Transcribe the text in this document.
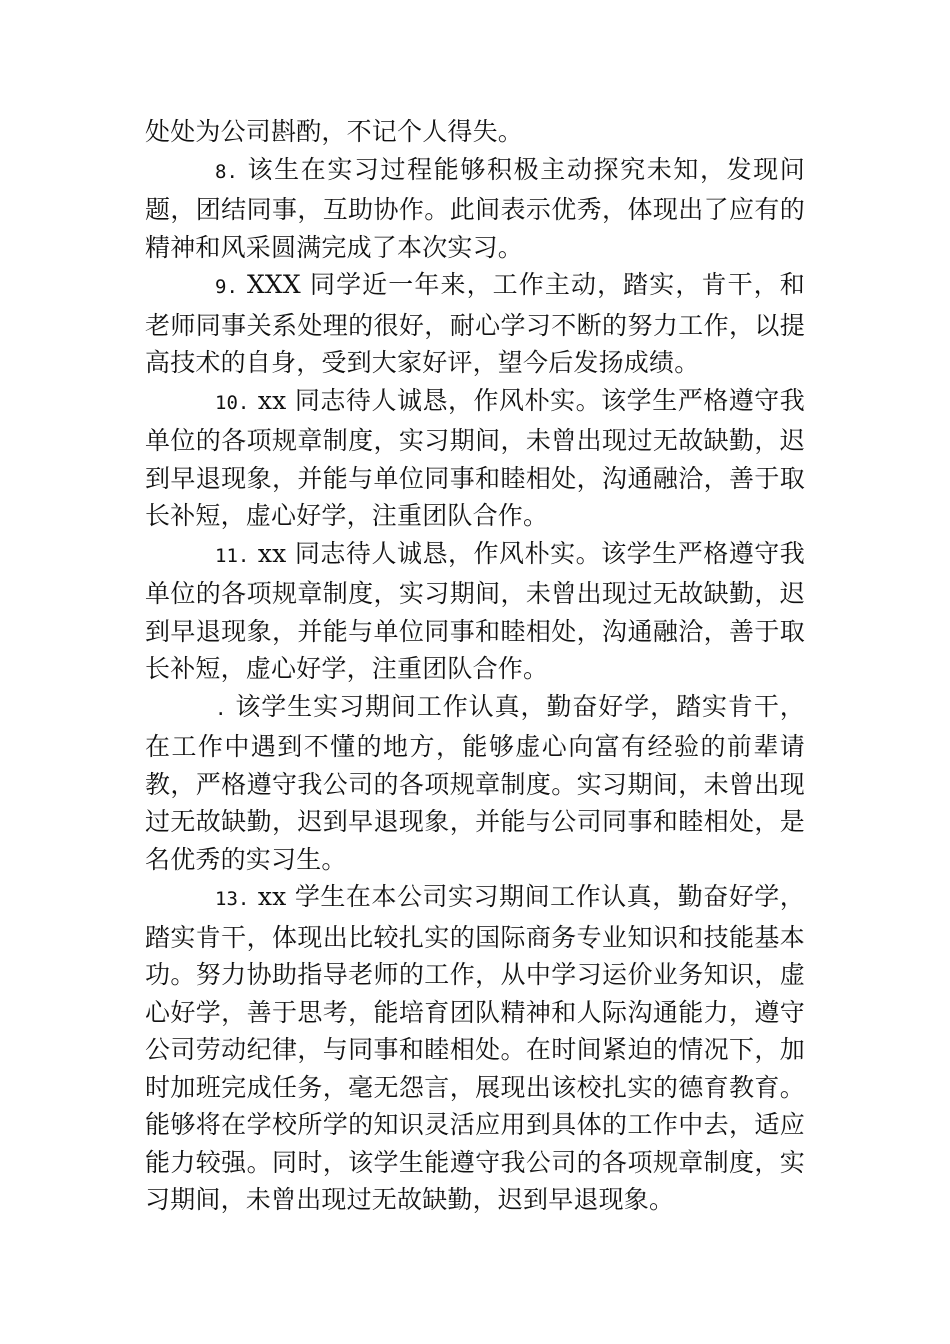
处处为公司斟酌，不记个人得失。

8. 该生在实习过程能够积极主动探究未知，发现问题，团结同事，互助协作。此间表示优秀，体现出了应有的精神和风采圆满完成了本次实习。

9. XXX 同学近一年来，工作主动，踏实，肯干，和老师同事关系处理的很好，耐心学习不断的努力工作，以提高技术的自身，受到大家好评，望今后发扬成绩。

10. xx 同志待人诚恳，作风朴实。该学生严格遵守我单位的各项规章制度，实习期间，未曾出现过无故缺勤，迟到早退现象，并能与单位同事和睦相处，沟通融洽，善于取长补短，虚心好学，注重团队合作。

11. xx 同志待人诚恳，作风朴实。该学生严格遵守我单位的各项规章制度，实习期间，未曾出现过无故缺勤，迟到早退现象，并能与单位同事和睦相处，沟通融洽，善于取长补短，虚心好学，注重团队合作。

. 该学生实习期间工作认真，勤奋好学，踏实肯干，在工作中遇到不懂的地方，能够虚心向富有经验的前辈请教，严格遵守我公司的各项规章制度。实习期间，未曾出现过无故缺勤，迟到早退现象，并能与公司同事和睦相处，是名优秀的实习生。

13. xx 学生在本公司实习期间工作认真，勤奋好学，踏实肯干，体现出比较扎实的国际商务专业知识和技能基本功。努力协助指导老师的工作，从中学习运价业务知识，虚心好学，善于思考，能培育团队精神和人际沟通能力，遵守公司劳动纪律，与同事和睦相处。在时间紧迫的情况下，加时加班完成任务，毫无怨言，展现出该校扎实的德育教育。能够将在学校所学的知识灵活应用到具体的工作中去，适应能力较强。同时，该学生能遵守我公司的各项规章制度，实习期间，未曾出现过无故缺勤，迟到早退现象。
